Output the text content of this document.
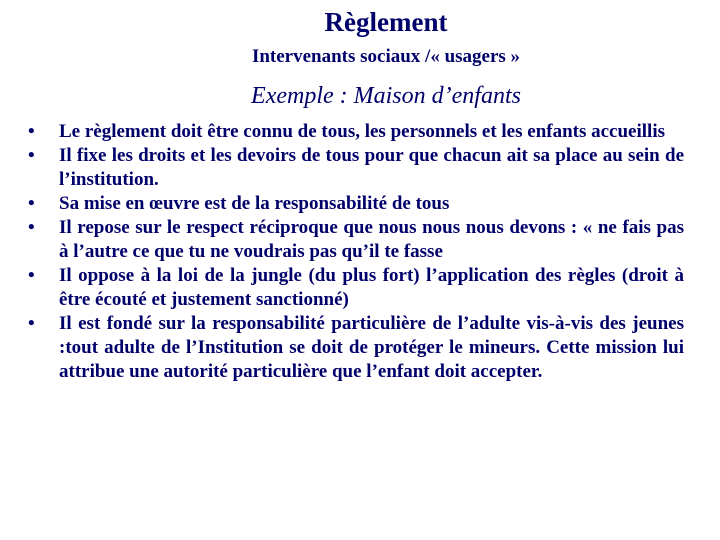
Règlement
Intervenants sociaux /« usagers »
Exemple : Maison d’enfants
• Le règlement doit être connu de tous, les personnels et les enfants accueillis
• Il fixe les droits et les devoirs de tous pour que chacun ait sa place au sein de l’institution.
• Sa mise en œuvre est de la responsabilité de tous
• Il repose sur le respect réciproque que nous nous nous devons : « ne fais pas à l’autre ce que tu ne voudrais pas qu’il te fasse
• Il oppose à la loi de la jungle (du plus fort) l’application des règles (droit à être écouté et justement sanctionné)
• Il est fondé sur la responsabilité particulière de l’adulte vis-à-vis des jeunes :tout adulte de l’Institution se doit de protéger le mineurs. Cette mission lui attribue une autorité particulière que l’enfant doit accepter.
